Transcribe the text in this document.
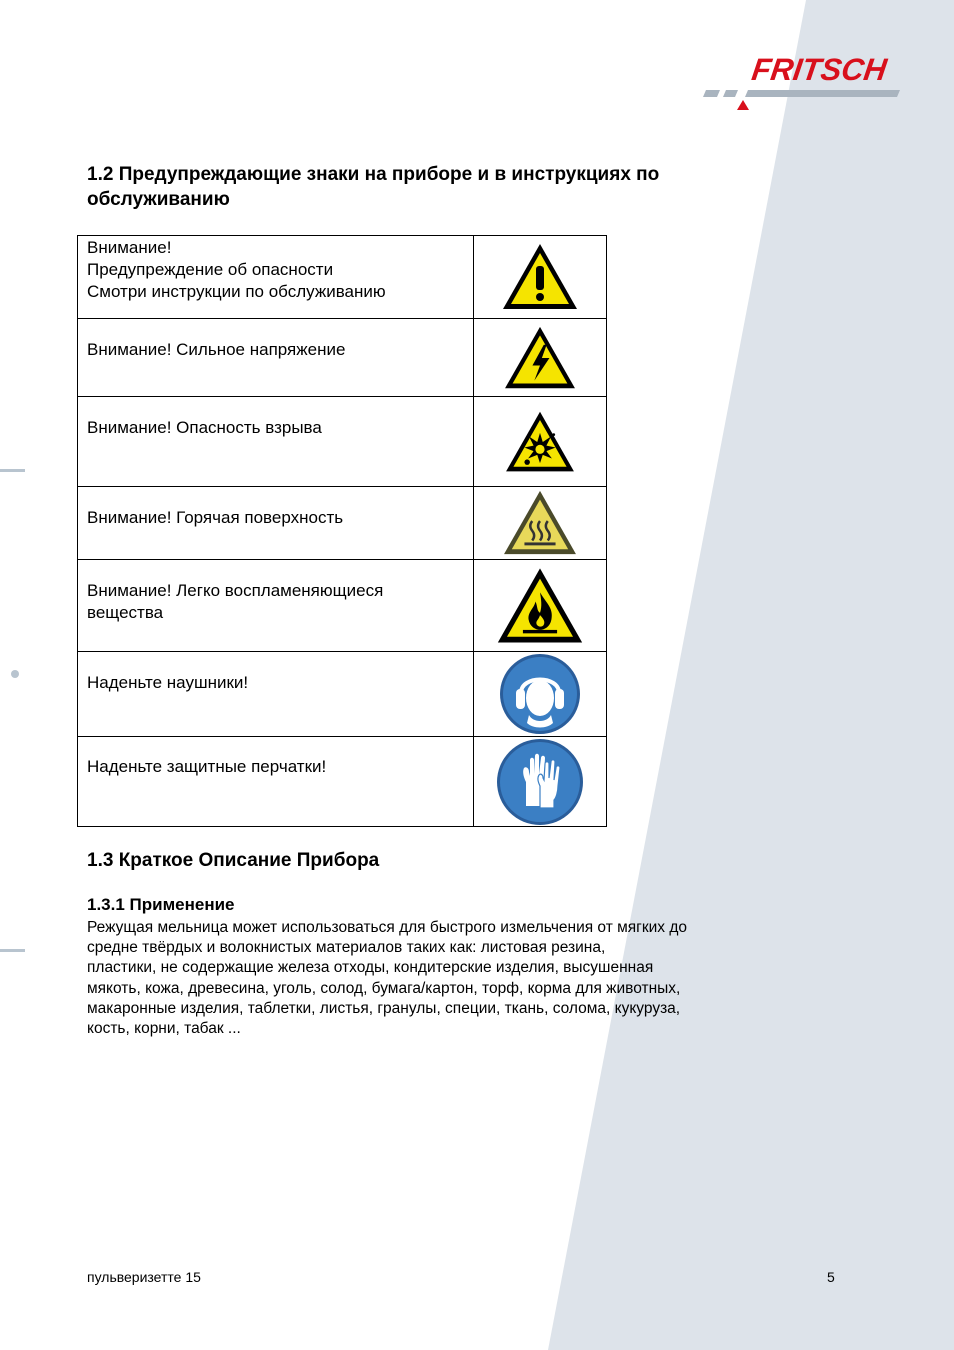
FRITSCH
1.2 Предупреждающие знаки на приборе и в инструкциях по обслуживанию
Внимание!
Предупреждение об опасности
Смотри инструкции по обслуживанию

Внимание! Сильное напряжение

Внимание! Опасность взрыва

Внимание! Горячая поверхность

Внимание! Легко воспламеняющиеся
вещества

Наденьте наушники!

Наденьте защитные перчатки!

1.3 Краткое Описание Прибора
1.3.1 Применение
Режущая мельница может использоваться для быстрого измельчения от мягких до
средне твёрдых и волокнистых материалов таких как: листовая резина,
пластики, не содержащие железа отходы, кондитерские изделия, высушенная
мякоть, кожа, древесина, уголь, солод, бумага/картон, торф, корма для животных,
макаронные изделия, таблетки, листья, гранулы, специи, ткань, солома, кукуруза,
кость, корни, табак ...
пульверизетте 15	5
